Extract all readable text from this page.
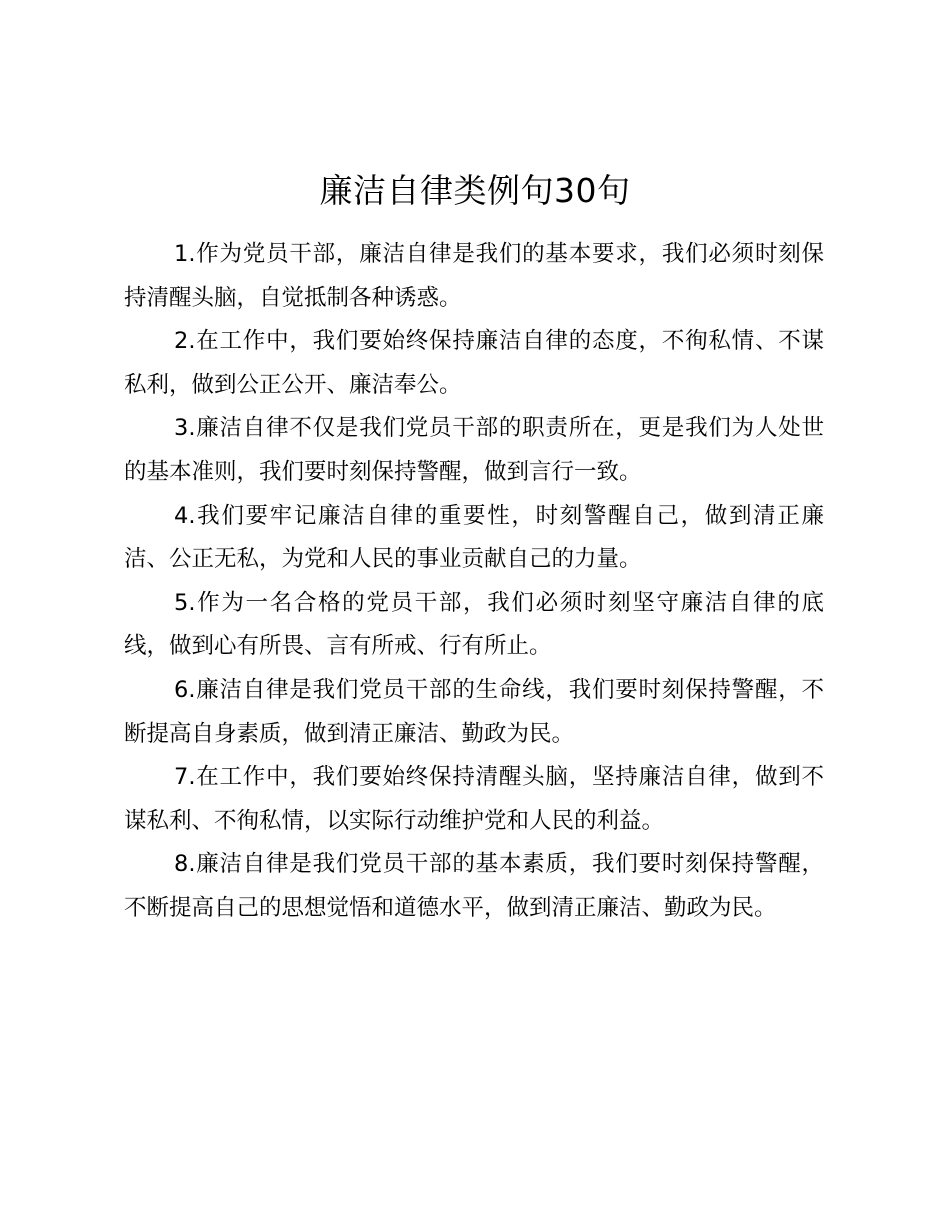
廉洁自律类例句30句

1.作为党员干部，廉洁自律是我们的基本要求，我们必须时刻保持清醒头脑，自觉抵制各种诱惑。

2.在工作中，我们要始终保持廉洁自律的态度，不徇私情、不谋私利，做到公正公开、廉洁奉公。

3.廉洁自律不仅是我们党员干部的职责所在，更是我们为人处世的基本准则，我们要时刻保持警醒，做到言行一致。

4.我们要牢记廉洁自律的重要性，时刻警醒自己，做到清正廉洁、公正无私，为党和人民的事业贡献自己的力量。

5.作为一名合格的党员干部，我们必须时刻坚守廉洁自律的底线，做到心有所畏、言有所戒、行有所止。

6.廉洁自律是我们党员干部的生命线，我们要时刻保持警醒，不断提高自身素质，做到清正廉洁、勤政为民。

7.在工作中，我们要始终保持清醒头脑，坚持廉洁自律，做到不谋私利、不徇私情，以实际行动维护党和人民的利益。

8.廉洁自律是我们党员干部的基本素质，我们要时刻保持警醒，不断提高自己的思想觉悟和道德水平，做到清正廉洁、勤政为民。
